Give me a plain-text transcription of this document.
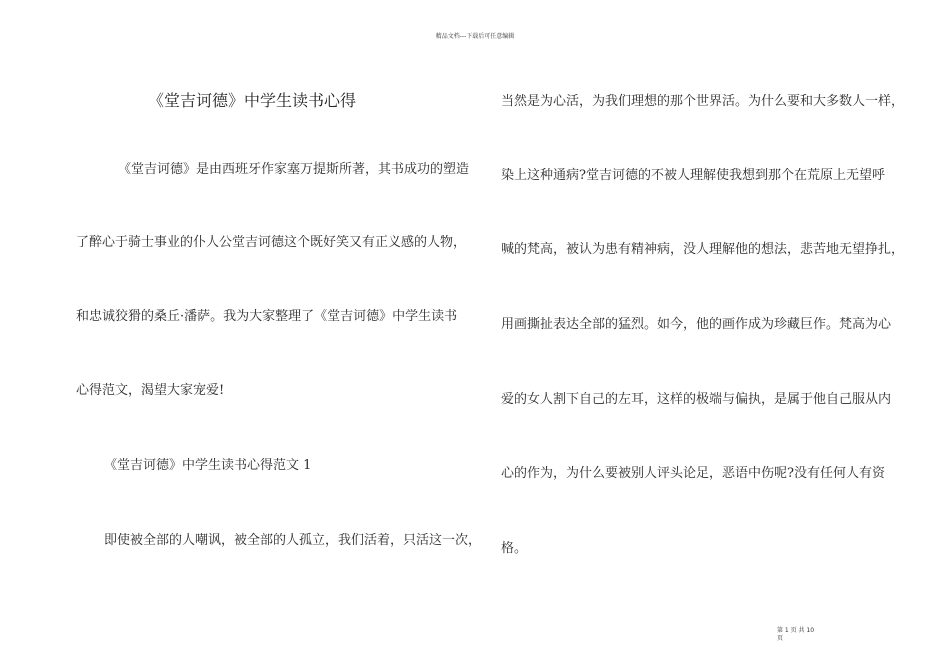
精品文档---下载后可任意编辑
《堂吉诃德》中学生读书心得
《堂吉诃德》是由西班牙作家塞万提斯所著，其书成功的塑造
了醉心于骑士事业的仆人公堂吉诃德这个既好笑又有正义感的人物，
和忠诚狡猾的桑丘·潘萨。我为大家整理了《堂吉诃德》中学生读书
心得范文，渴望大家宠爱!
《堂吉诃德》中学生读书心得范文 1
即使被全部的人嘲讽，被全部的人孤立，我们活着，只活这一次，
当然是为心活，为我们理想的那个世界活。为什么要和大多数人一样，
染上这种通病?堂吉诃德的不被人理解使我想到那个在荒原上无望呼
喊的梵高，被认为患有精神病，没人理解他的想法，悲苦地无望挣扎，
用画撕扯表达全部的猛烈。如今，他的画作成为珍藏巨作。梵高为心
爱的女人割下自己的左耳，这样的极端与偏执，是属于他自己服从内
心的作为，为什么要被别人评头论足，恶语中伤呢?没有任何人有资
格。
第 1 页 共 10 页
